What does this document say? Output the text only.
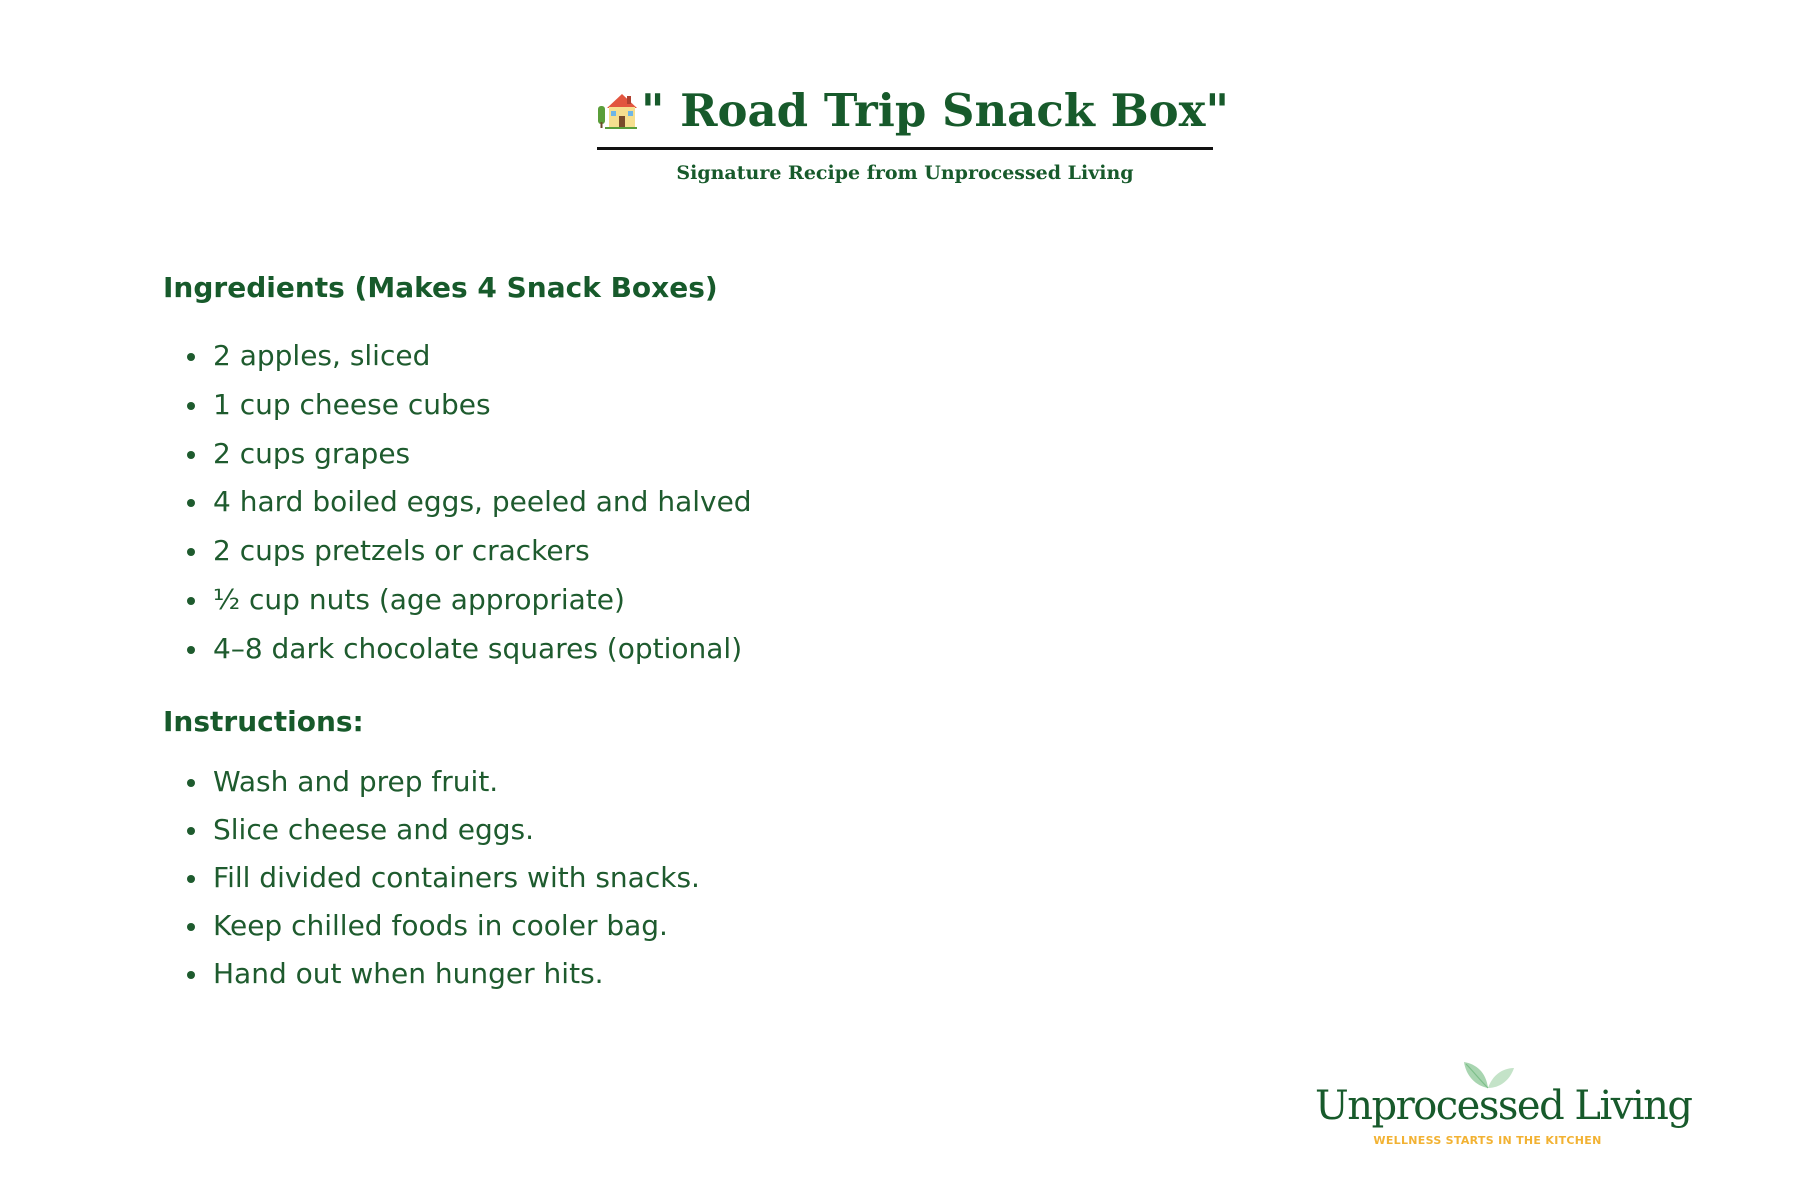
" Road Trip Snack Box"
Signature Recipe from Unprocessed Living
Ingredients (Makes 4 Snack Boxes)
2 apples, sliced
1 cup cheese cubes
2 cups grapes
4 hard boiled eggs, peeled and halved
2 cups pretzels or crackers
½ cup nuts (age appropriate)
4–8 dark chocolate squares (optional)
Instructions:
Wash and prep fruit.
Slice cheese and eggs.
Fill divided containers with snacks.
Keep chilled foods in cooler bag.
Hand out when hunger hits.
Unprocessed Living
WELLNESS STARTS IN THE KITCHEN
